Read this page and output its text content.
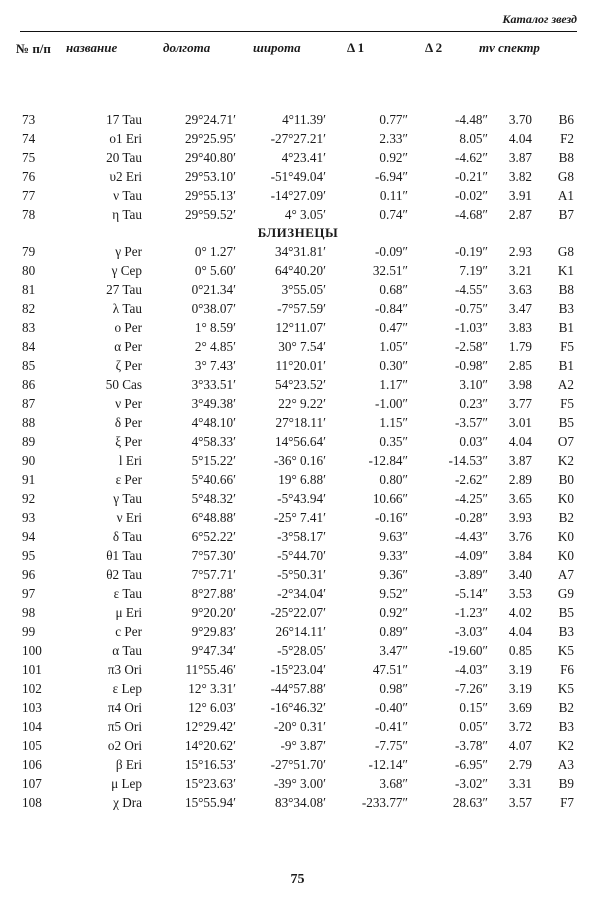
Каталог звезд
№ п/п название	долгота	широта	Δ 1	Δ 2	mv спектр
73	17 Tau	29°24.71′	4°11.39′	0.77″	-4.48″	3.70	B6
74	ο1 Eri	29°25.95′	-27°27.21′	2.33″	8.05″	4.04	F2
75	20 Tau	29°40.80′	4°23.41′	0.92″	-4.62″	3.87	B8
76	υ2 Eri	29°53.10′	-51°49.04′	-6.94″	-0.21″	3.82	G8
77	ν Tau	29°55.13′	-14°27.09′	0.11″	-0.02″	3.91	A1
78	η Tau	29°59.52′	4° 3.05′	0.74″	-4.68″	2.87	B7
БЛИЗНЕЦЫ							
79	γ Per	0° 1.27′	34°31.81′	-0.09″	-0.19″	2.93	G8
80	γ Cep	0° 5.60′	64°40.20′	32.51″	7.19″	3.21	K1
81	27 Tau	0°21.34′	3°55.05′	0.68″	-4.55″	3.63	B8
82	λ Tau	0°38.07′	-7°57.59′	-0.84″	-0.75″	3.47	B3
83	ο Per	1° 8.59′	12°11.07′	0.47″	-1.03″	3.83	B1
84	α Per	2° 4.85′	30° 7.54′	1.05″	-2.58″	1.79	F5
85	ζ Per	3° 7.43′	11°20.01′	0.30″	-0.98″	2.85	B1
86	50 Cas	3°33.51′	54°23.52′	1.17″	3.10″	3.98	A2
87	ν Per	3°49.38′	22° 9.22′	-1.00″	0.23″	3.77	F5
88	δ Per	4°48.10′	27°18.11′	1.15″	-3.57″	3.01	B5
89	ξ Per	4°58.33′	14°56.64′	0.35″	0.03″	4.04	O7
90	l Eri	5°15.22′	-36° 0.16′	-12.84″	-14.53″	3.87	K2
91	ε Per	5°40.66′	19° 6.88′	0.80″	-2.62″	2.89	B0
92	γ Tau	5°48.32′	-5°43.94′	10.66″	-4.25″	3.65	K0
93	ν Eri	6°48.88′	-25° 7.41′	-0.16″	-0.28″	3.93	B2
94	δ Tau	6°52.22′	-3°58.17′	9.63″	-4.43″	3.76	K0
95	θ1 Tau	7°57.30′	-5°44.70′	9.33″	-4.09″	3.84	K0
96	θ2 Tau	7°57.71′	-5°50.31′	9.36″	-3.89″	3.40	A7
97	ε Tau	8°27.88′	-2°34.04′	9.52″	-5.14″	3.53	G9
98	μ Eri	9°20.20′	-25°22.07′	0.92″	-1.23″	4.02	B5
99	c Per	9°29.83′	26°14.11′	0.89″	-3.03″	4.04	B3
100	α Tau	9°47.34′	-5°28.05′	3.47″	-19.60″	0.85	K5
101	π3 Ori	11°55.46′	-15°23.04′	47.51″	-4.03″	3.19	F6
102	ε Lep	12° 3.31′	-44°57.88′	0.98″	-7.26″	3.19	K5
103	π4 Ori	12° 6.03′	-16°46.32′	-0.40″	0.15″	3.69	B2
104	π5 Ori	12°29.42′	-20° 0.31′	-0.41″	0.05″	3.72	B3
105	ο2 Ori	14°20.62′	-9° 3.87′	-7.75″	-3.78″	4.07	K2
106	β Eri	15°16.53′	-27°51.70′	-12.14″	-6.95″	2.79	A3
107	μ Lep	15°23.63′	-39° 3.00′	3.68″	-3.02″	3.31	B9
108	χ Dra	15°55.94′	83°34.08′	-233.77″	28.63″	3.57	F7
75
